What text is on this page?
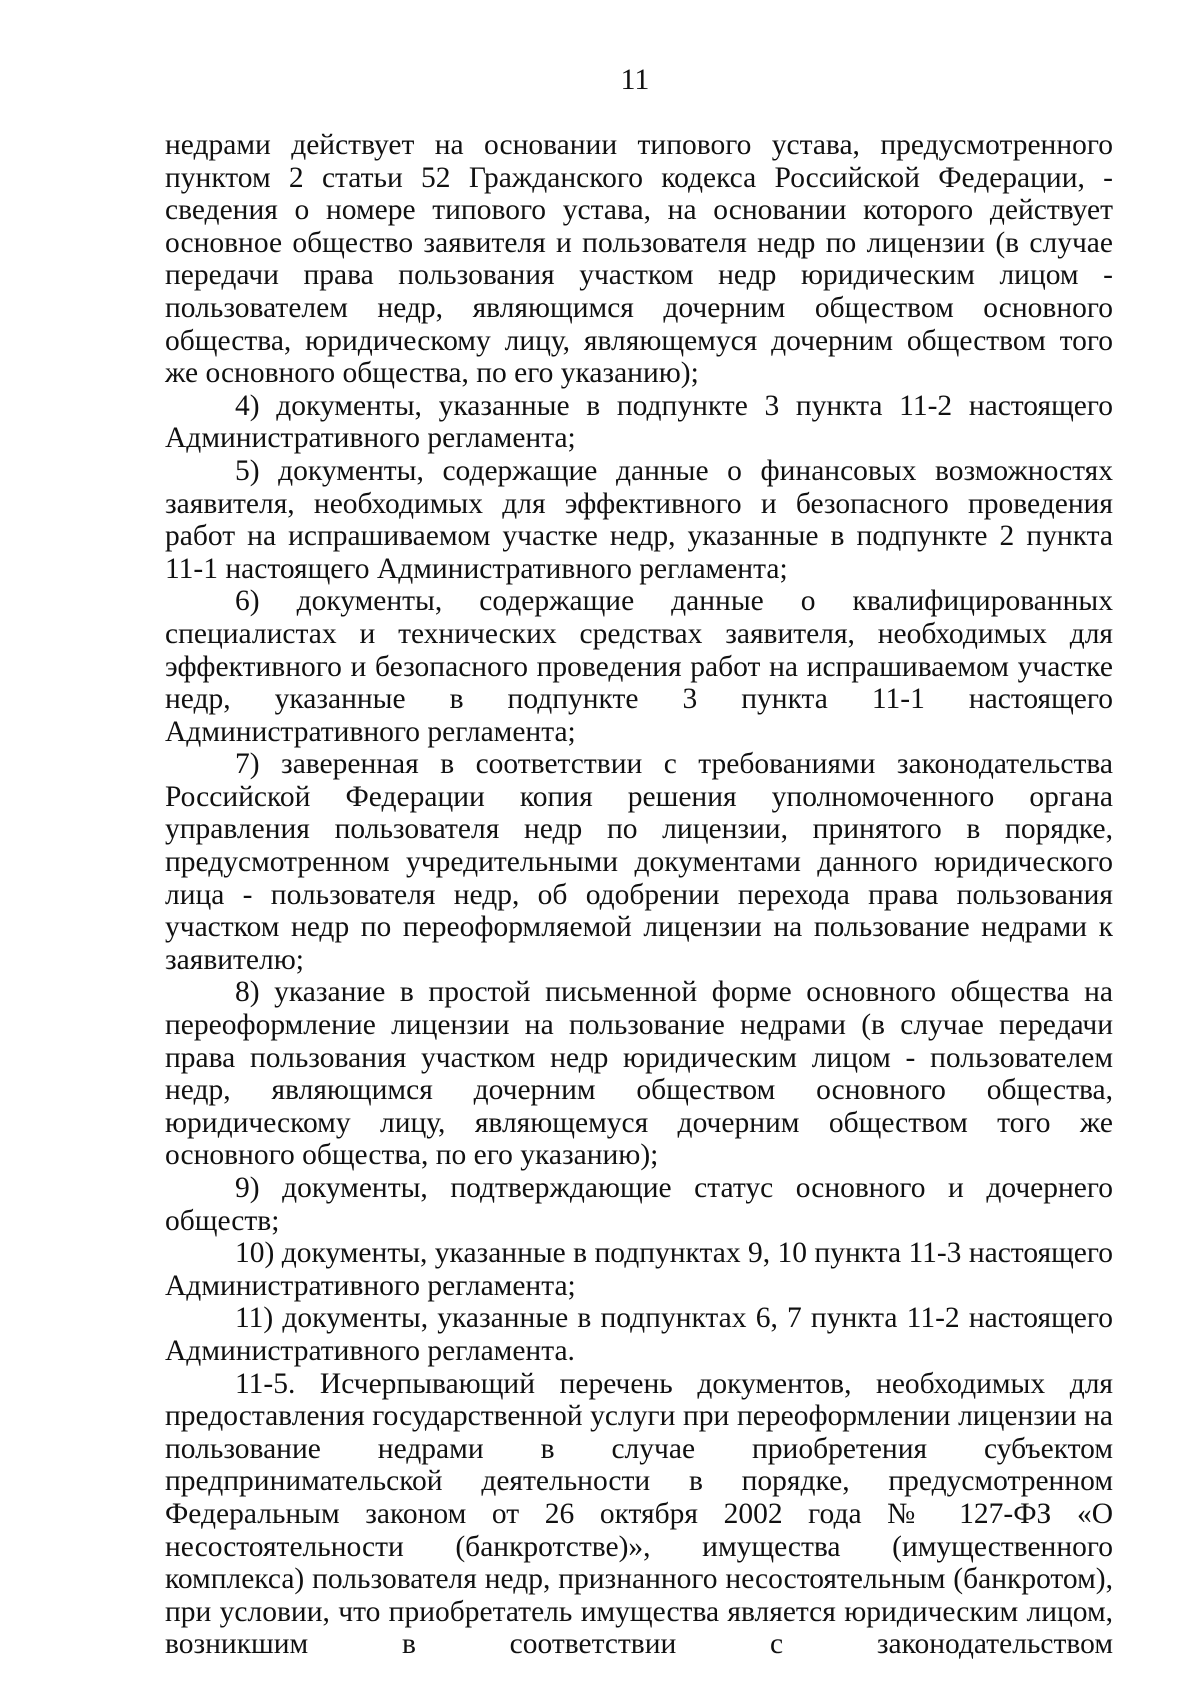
11

недрами действует на основании типового устава, предусмотренного пунктом 2 статьи 52 Гражданского кодекса Российской Федерации, - сведения о номере типового устава, на основании которого действует основное общество заявителя и пользователя недр по лицензии (в случае передачи права пользования участком недр юридическим лицом - пользователем недр, являющимся дочерним обществом основного общества, юридическому лицу, являющемуся дочерним обществом того же основного общества, по его указанию);

4) документы, указанные в подпункте 3 пункта 11-2 настоящего Административного регламента;

5) документы, содержащие данные о финансовых возможностях заявителя, необходимых для эффективного и безопасного проведения работ на испрашиваемом участке недр, указанные в подпункте 2 пункта 11-1 настоящего Административного регламента;

6) документы, содержащие данные о квалифицированных специалистах и технических средствах заявителя, необходимых для эффективного и безопасного проведения работ на испрашиваемом участке недр, указанные в подпункте 3 пункта 11-1 настоящего Административного регламента;

7) заверенная в соответствии с требованиями законодательства Российской Федерации копия решения уполномоченного органа управления пользователя недр по лицензии, принятого в порядке, предусмотренном учредительными документами данного юридического лица - пользователя недр, об одобрении перехода права пользования участком недр по переоформляемой лицензии на пользование недрами к заявителю;

8) указание в простой письменной форме основного общества на переоформление лицензии на пользование недрами (в случае передачи права пользования участком недр юридическим лицом - пользователем недр, являющимся дочерним обществом основного общества, юридическому лицу, являющемуся дочерним обществом того же основного общества, по его указанию);

9) документы, подтверждающие статус основного и дочернего обществ;

10) документы, указанные в подпунктах 9, 10 пункта 11-3 настоящего Административного регламента;

11) документы, указанные в подпунктах 6, 7 пункта 11-2 настоящего Административного регламента.

11-5. Исчерпывающий перечень документов, необходимых для предоставления государственной услуги при переоформлении лицензии на пользование недрами в случае приобретения субъектом предпринимательской деятельности в порядке, предусмотренном Федеральным законом от 26 октября 2002 года № 127-ФЗ «О несостоятельности (банкротстве)», имущества (имущественного комплекса) пользователя недр, признанного несостоятельным (банкротом), при условии, что приобретатель имущества является юридическим лицом, возникшим в соответствии с законодательством
